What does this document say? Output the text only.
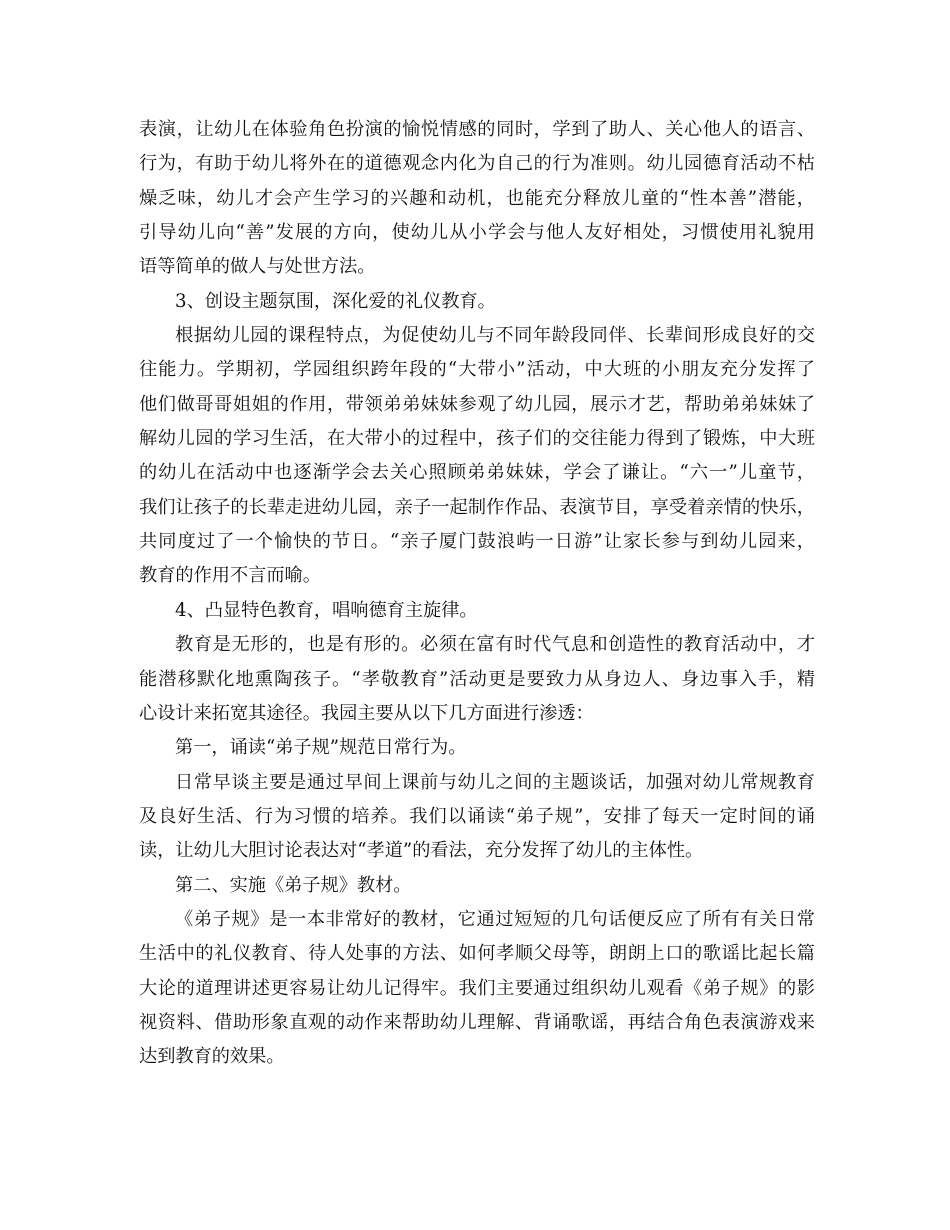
表演，让幼儿在体验角色扮演的愉悦情感的同时，学到了助人、关心他人的语言、
行为，有助于幼儿将外在的道德观念内化为自己的行为准则。幼儿园德育活动不枯
燥乏味，幼儿才会产生学习的兴趣和动机，也能充分释放儿童的“性本善”潜能，
引导幼儿向“善”发展的方向，使幼儿从小学会与他人友好相处，习惯使用礼貌用
语等简单的做人与处世方法。
3、创设主题氛围，深化爱的礼仪教育。
根据幼儿园的课程特点，为促使幼儿与不同年龄段同伴、长辈间形成良好的交
往能力。学期初，学园组织跨年段的“大带小”活动，中大班的小朋友充分发挥了
他们做哥哥姐姐的作用，带领弟弟妹妹参观了幼儿园，展示才艺，帮助弟弟妹妹了
解幼儿园的学习生活，在大带小的过程中，孩子们的交往能力得到了锻炼，中大班
的幼儿在活动中也逐渐学会去关心照顾弟弟妹妹，学会了谦让。“六一”儿童节，
我们让孩子的长辈走进幼儿园，亲子一起制作作品、表演节目，享受着亲情的快乐，
共同度过了一个愉快的节日。“亲子厦门鼓浪屿一日游”让家长参与到幼儿园来，
教育的作用不言而喻。
4、凸显特色教育，唱响德育主旋律。
教育是无形的，也是有形的。必须在富有时代气息和创造性的教育活动中，才
能潜移默化地熏陶孩子。“孝敬教育”活动更是要致力从身边人、身边事入手，精
心设计来拓宽其途径。我园主要从以下几方面进行渗透：
第一，诵读“弟子规”规范日常行为。
日常早谈主要是通过早间上课前与幼儿之间的主题谈话，加强对幼儿常规教育
及良好生活、行为习惯的培养。我们以诵读“弟子规”，安排了每天一定时间的诵
读，让幼儿大胆讨论表达对“孝道”的看法，充分发挥了幼儿的主体性。
第二、实施《弟子规》教材。
《弟子规》是一本非常好的教材，它通过短短的几句话便反应了所有有关日常
生活中的礼仪教育、待人处事的方法、如何孝顺父母等，朗朗上口的歌谣比起长篇
大论的道理讲述更容易让幼儿记得牢。我们主要通过组织幼儿观看《弟子规》的影
视资料、借助形象直观的动作来帮助幼儿理解、背诵歌谣，再结合角色表演游戏来
达到教育的效果。
